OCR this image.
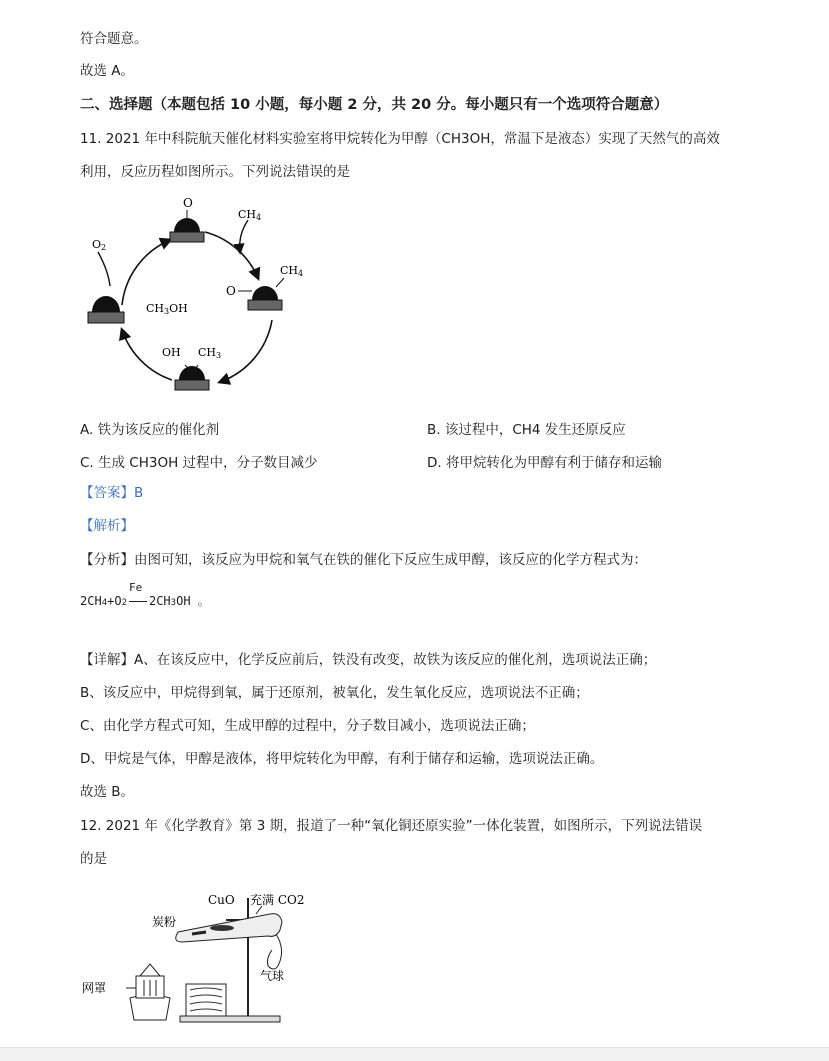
符合题意。
故选 A。
二、选择题（本题包括 10 小题，每小题 2 分，共 20 分。每小题只有一个选项符合题意）
11. 2021 年中科院航天催化材料实验室将甲烷转化为甲醇（CH3OH，常温下是液态）实现了天然气的高效
利用，反应历程如图所示。下列说法错误的是
O
CH4
O2
O
CH4
CH3OH
OH CH3
A. 铁为该反应的催化剂	B. 该过程中，CH4 发生还原反应
C. 生成 CH3OH 过程中，分子数目减少	D. 将甲烷转化为甲醇有利于储存和运输
【答案】B
【解析】
【分析】由图可知，该反应为甲烷和氧气在铁的催化下反应生成甲醇，该反应的化学方程式为：
2CH4+O2
Fe
2CH3OH 。
【详解】A、在该反应中，化学反应前后，铁没有改变，故铁为该反应的催化剂，选项说法正确；
B、该反应中，甲烷得到氧，属于还原剂，被氧化，发生氧化反应，选项说法不正确；
C、由化学方程式可知，生成甲醇的过程中，分子数目减小，选项说法正确；
D、甲烷是气体，甲醇是液体，将甲烷转化为甲醇，有利于储存和运输，选项说法正确。
故选 B。
12. 2021 年《化学教育》第 3 期，报道了一种“氧化铜还原实验”一体化装置，如图所示，下列说法错误
的是
CuO 充满 CO2
炭粉
气球
网罩
